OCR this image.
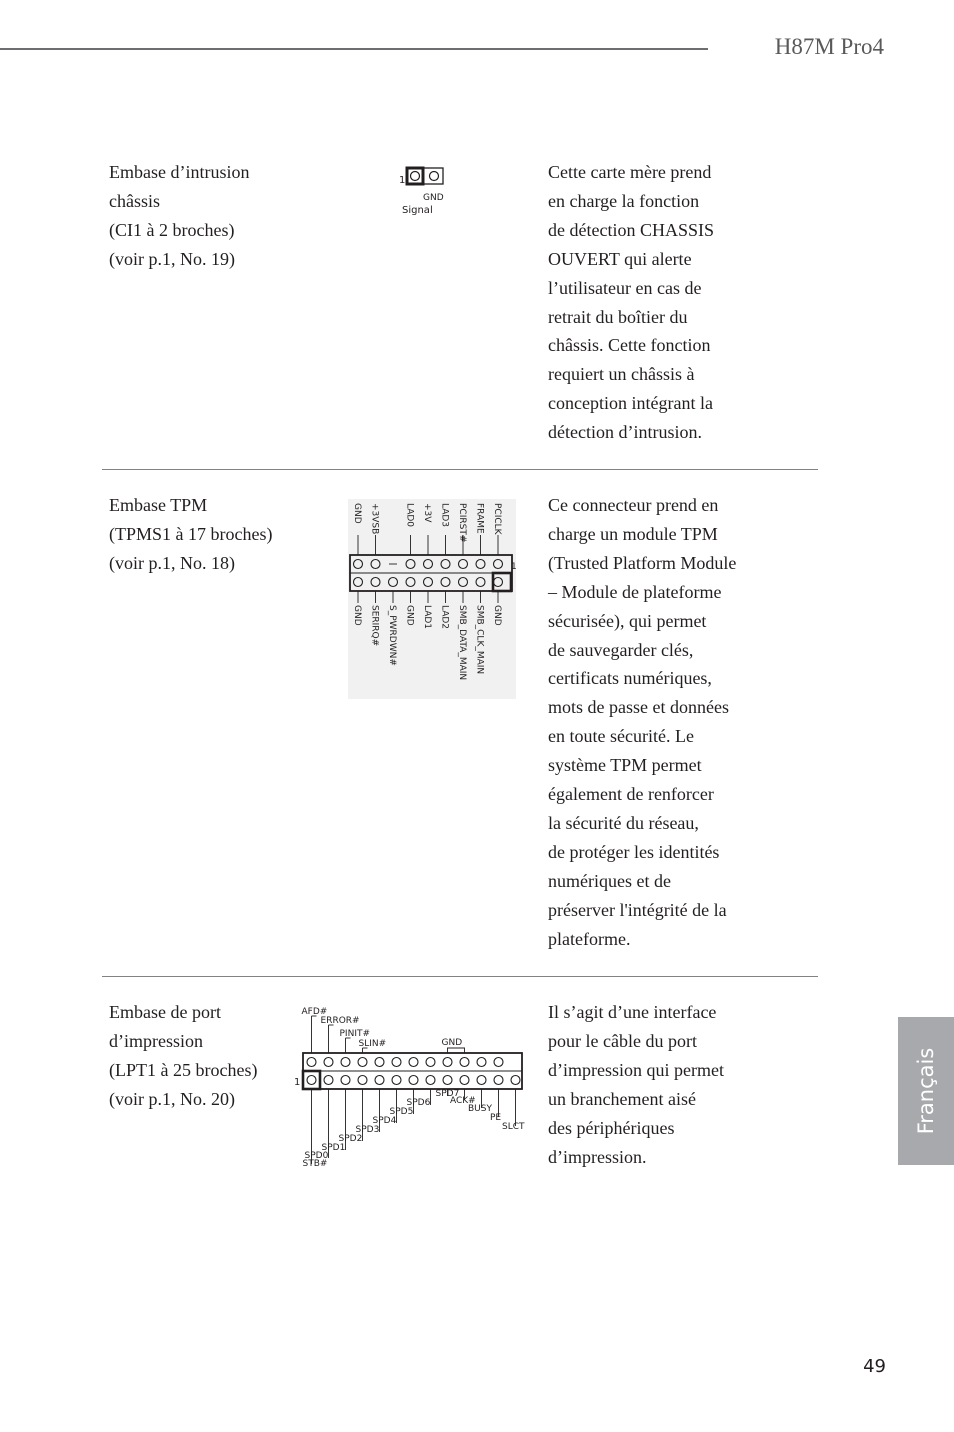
H87M Pro4
Embase d’intrusion
châssis
(CI1 à 2 broches)
(voir p.1, No. 19)
1
GND
Signal
Cette carte mère prend
en charge la fonction
de détection CHASSIS
OUVERT qui alerte
l’utilisateur en cas de
retrait du boîtier du
châssis. Cette fonction
requiert un châssis à
conception intégrant la
détection d’intrusion.
Embase TPM
(TPMS1 à 17 broches)
(voir p.1, No. 18)	1
PCICLK
FRAME
PCIRST#
LAD3
+3V
LAD0
+3VSB
GND
GND
SMB_CLK_MAIN
SMB_DATA_MAIN
LAD2
LAD1
GND
S_PWRDWN#
SERIRQ#
GND
Ce connecteur prend en
charge un module TPM
(Trusted Platform Module
– Module de plateforme
sécurisée), qui permet
de sauvegarder clés,
certificats numériques,
mots de passe et données
en toute sécurité. Le
système TPM permet
également de renforcer
la sécurité du réseau,
de protéger les identités
numériques et de
préserver l'intégrité de la
plateforme.
Embase de port
d’impression
(LPT1 à 25 broches)
(voir p.1, No. 20)
1
AFD#
ERROR#
PINIT#
SLIN#	GND
SPD7
SPD6
SPD5
SPD4
SPD3
SPD2
SPD1
SPD0
STB#
ACK#
BUSY
PE
SLCT
Il s’agit d’une interface
pour le câble du port
d’impression qui permet
un branchement aisé
des périphériques
d’impression.
Français
49
